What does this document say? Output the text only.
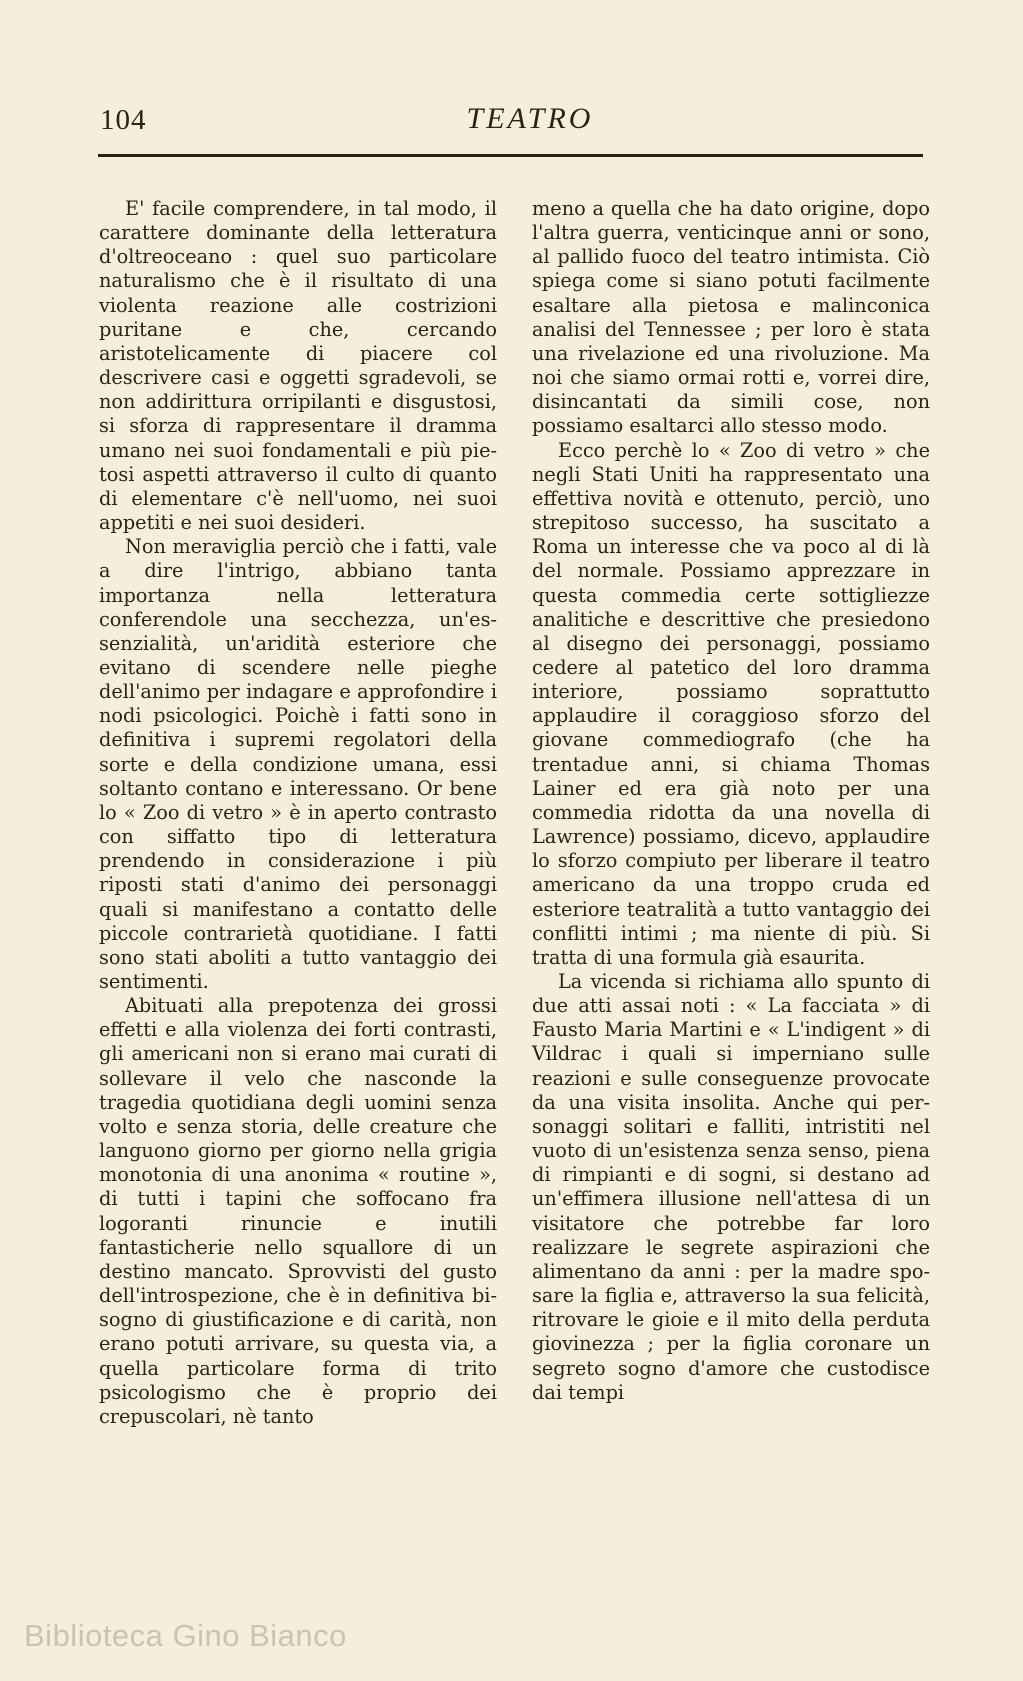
104	TEATRO

E' facile comprendere, in tal modo, il carattere dominante della letteratura d'oltreoceano : quel suo particolare naturalismo che è il risultato di una violenta reazione alle costrizioni puritane e che, cercando aristotelicamente di piacere col descrivere casi e oggetti sgradevoli, se non addirittura orripilanti e disgustosi, si sforza di rappresentare il dramma umano nei suoi fondamentali e più pietosi aspetti attraverso il culto di quanto di elementare c'è nell'uomo, nei suoi appetiti e nei suoi desideri.

Non meraviglia perciò che i fatti, vale a dire l'intrigo, abbiano tanta importanza nella letteratura conferendole una secchezza, un'essenzialità, un'aridità esteriore che evitano di scendere nelle pieghe dell'animo per indagare e approfondire i nodi psicologici. Poichè i fatti sono in definitiva i supremi regolatori della sorte e della condizione umana, essi soltanto contano e interessano. Or bene lo « Zoo di vetro » è in aperto contrasto con siffatto tipo di letteratura prendendo in considerazione i più riposti stati d'animo dei personaggi quali si manifestano a contatto delle piccole contrarietà quotidiane. I fatti sono stati aboliti a tutto vantaggio dei sentimenti.

Abituati alla prepotenza dei grossi effetti e alla violenza dei forti contrasti, gli americani non si erano mai curati di sollevare il velo che nasconde la tragedia quotidiana degli uomini senza volto e senza storia, delle creature che languono giorno per giorno nella grigia monotonia di una anonima « routine », di tutti i tapini che soffocano fra logoranti rinuncie e inutili fantasticherie nello squallore di un destino mancato. Sprovvisti del gusto dell'introspezione, che è in definitiva bisogno di giustificazione e di carità, non erano potuti arrivare, su questa via, a quella particolare forma di trito psicologismo che è proprio dei crepuscolari, nè tanto

meno a quella che ha dato origine, dopo l'altra guerra, venticinque anni or sono, al pallido fuoco del teatro intimista. Ciò spiega come si siano potuti facilmente esaltare alla pietosa e malinconica analisi del Tennessee ; per loro è stata una rivelazione ed una rivoluzione. Ma noi che siamo ormai rotti e, vorrei dire, disincantati da simili cose, non possiamo esaltarci allo stesso modo.

Ecco perchè lo « Zoo di vetro » che negli Stati Uniti ha rappresentato una effettiva novità e ottenuto, perciò, uno strepitoso successo, ha suscitato a Roma un interesse che va poco al di là del normale. Possiamo apprezzare in questa commedia certe sottigliezze analitiche e descrittive che presiedono al disegno dei personaggi, possiamo cedere al patetico del loro dramma interiore, possiamo soprattutto applaudire il coraggioso sforzo del giovane commediografo (che ha trentadue anni, si chiama Thomas Lainer ed era già noto per una commedia ridotta da una novella di Lawrence) possiamo, dicevo, applaudire lo sforzo compiuto per liberare il teatro americano da una troppo cruda ed esteriore teatralità a tutto vantaggio dei conflitti intimi ; ma niente di più. Si tratta di una formula già esaurita.

La vicenda si richiama allo spunto di due atti assai noti : « La facciata » di Fausto Maria Martini e « L'indigent » di Vildrac i quali si imperniano sulle reazioni e sulle conseguenze provocate da una visita insolita. Anche qui personaggi solitari e falliti, intristiti nel vuoto di un'esistenza senza senso, piena di rimpianti e di sogni, si destano ad un'effimera illusione nell'attesa di un visitatore che potrebbe far loro realizzare le segrete aspirazioni che alimentano da anni : per la madre sposare la figlia e, attraverso la sua felicità, ritrovare le gioie e il mito della perduta giovinezza ; per la figlia coronare un segreto sogno d'amore che custodisce dai tempi

Biblioteca Gino Bianco
